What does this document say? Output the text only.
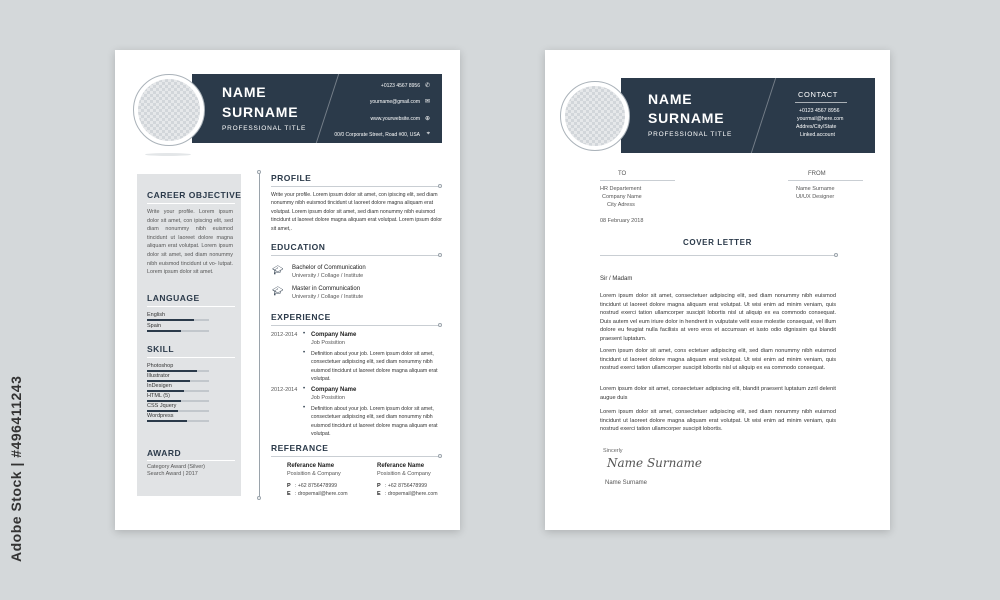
Adobe Stock | #496411243
NAME
SURNAME
PROFESSIONAL TITLE
+0123 4567 8956 ✆
yourname@gmail.com ✉
www.yourwebsite.com ⊕
00/0 Corporate Street, Road #00, USA ⌖
CAREER OBJECTIVE
Write your profile. Lorem ipsum dolor sit amet, con ipiscing elit, sed diam nonummy nibh euismod tincidunt ut laoreet dolore magna aliquam erat volutpat. Lorem ipsum dolor sit amet, sed diam nonummy nibh euismod tincidunt ut vo- lutpat. Lorem ipsum dolor sit amet.
LANGUAGE
SKILL
AWARD
Category Award (Silver)
Search Award | 2017
PROFILE
Write your profile. Lorem ipsum dolor sit amet, con ipiscing elit, sed diam nonummy nibh euismod tincidunt ut laoreet dolore magna aliquam erat volutpat. Lorem ipsum dolor sit amet, sed diam nonummy nibh euismod tincidunt ut laoreet dolore magna aliquam erat volutpat. Lorem ipsum dolor sit amet,.
EDUCATION
🎓︎ Bachelor of Communication
University / Collage / Institute
🎓︎ Master in Communication
University / Collage / Institute
EXPERIENCE
2012-2014 • Company Name
Job Posisition
• Definition about your job. Lorem ipsum dolor sit amet, consectetuer adipiscing elit, sed diam nonummy nibh euismod tincidunt ut laoreet dolore magna aliquam erat volutpat.
2012-2014 • Company Name
Job Posisition
• Definition about your job. Lorem ipsum dolor sit amet, consectetuer adipiscing elit, sed diam nonummy nibh euismod tincidunt ut laoreet dolore magna aliquam erat volutpat.
REFERANCE
Referance Name
Posisition & Company
P : +62 8756478999
E : dropemail@here.com
Referance Name
Posisition & Company
P : +62 8756478999
E : dropemail@here.com
English
Spain
Photoshop
Illustrator
InDesigen
HTML (5)
CSS Jquery
Wordpress
NAME
SURNAME
PROFESSIONAL TITLE
CONTACT
+0123 4567 8956
yourmail@here.com
Addres/City/State
Linked.account
TO	FROM
HR Departement
Company Name
City Adress
Name Surname
UI/UX Designer
08 February 2018
COVER LETTER
Sir / Madam
Lorem ipsum dolor sit amet, consectetuer adipiscing elit, sed diam nonummy nibh euismod tincidunt ut laoreet dolore magna aliquam erat volutpat. Ut wisi enim ad minim veniam, quis nostrud exerci tation ullamcorper suscipit lobortis nisl ut aliquip ex ea commodo consequat. Duis autem vel eum iriure dolor in hendrerit in vulputate velit esse molestie consequat, vel illum dolore eu feugiat nulla facilisis at vero eros et accumsan et iusto odio dignissim qui blandit praesent luptatum.
Lorem ipsum dolor sit amet, cons ectetuer adipiscing elit, sed diam nonummy nibh euismod tincidunt ut laoreet dolore magna aliquam erat volutpat. Ut wisi enim ad minim veniam, quis nostrud exerci tation ullamcorper suscipit lobortis nisl ut aliquip ex ea commodo consequat.
Lorem ipsum dolor sit amet, consectetuer adipiscing elit, blandit praesent luptatum zzril delenit augue duis
Lorem ipsum dolor sit amet, consectetuer adipiscing elit, sed diam nonummy nibh euismod tincidunt ut laoreet dolore magna aliquam erat volutpat. Ut wisi enim ad minim veniam, quis nostrud exerci tation ullamcorper suscipit lobortis.
Sincerly
Name Surname
Name Surname
